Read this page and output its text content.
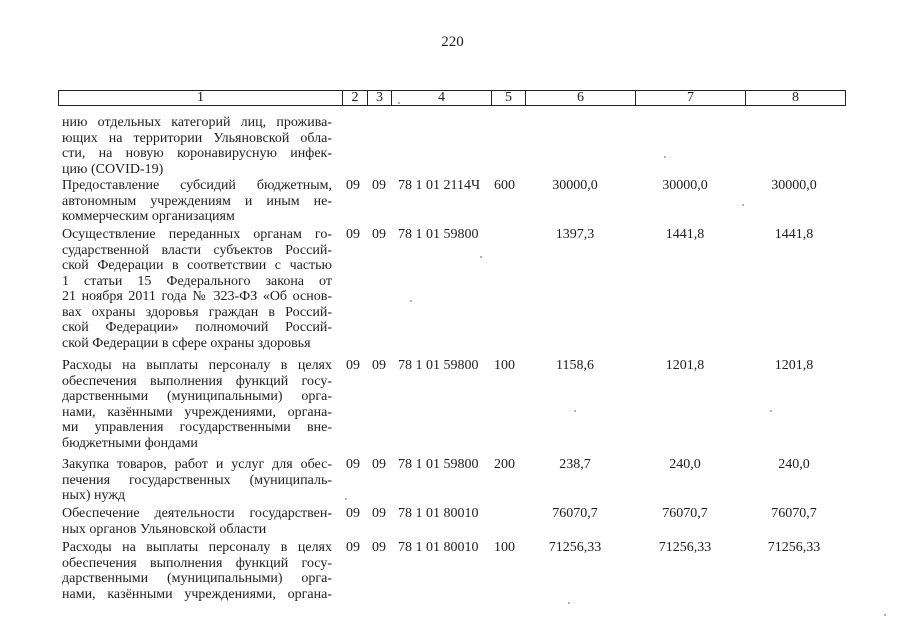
220
1	2	3	4	5	6	7	8
нию отдельных категорий лиц, прожива-
ющих на территории Ульяновской обла-
сти, на новую коронавирусную инфек-
цию (COVID-19)
Предоставление субсидий бюджетным,
автономным учреждениям и иным не-
коммерческим организациям
09 09 78 1 01 2114Ч 600	30000,0	30000,0	30000,0
Осуществление переданных органам го-
сударственной власти субъектов Россий-
ской Федерации в соответствии с частью
1 статьи 15 Федерального закона от
21 ноября 2011 года № 323-ФЗ «Об основ-
вах охраны здоровья граждан в Россий-
ской Федерации» полномочий Россий-
ской Федерации в сфере охраны здоровья
09 09 78 1 01 59800	1397,3	1441,8	1441,8
Расходы на выплаты персоналу в целях
обеспечения выполнения функций госу-
дарственными (муниципальными) орга-
нами, казёнными учреждениями, органа-
ми управления государственными вне-
бюджетными фондами
09 09 78 1 01 59800 100	1158,6	1201,8	1201,8
Закупка товаров, работ и услуг для обес-
печения государственных (муниципаль-
ных) нужд
09 09 78 1 01 59800 200	238,7	240,0	240,0
Обеспечение деятельности государствен-
ных органов Ульяновской области
09 09 78 1 01 80010	76070,7	76070,7	76070,7
Расходы на выплаты персоналу в целях
обеспечения выполнения функций госу-
дарственными (муниципальными) орга-
нами, казёнными учреждениями, органа-
09 09 78 1 01 80010 100	71256,33	71256,33	71256,33
